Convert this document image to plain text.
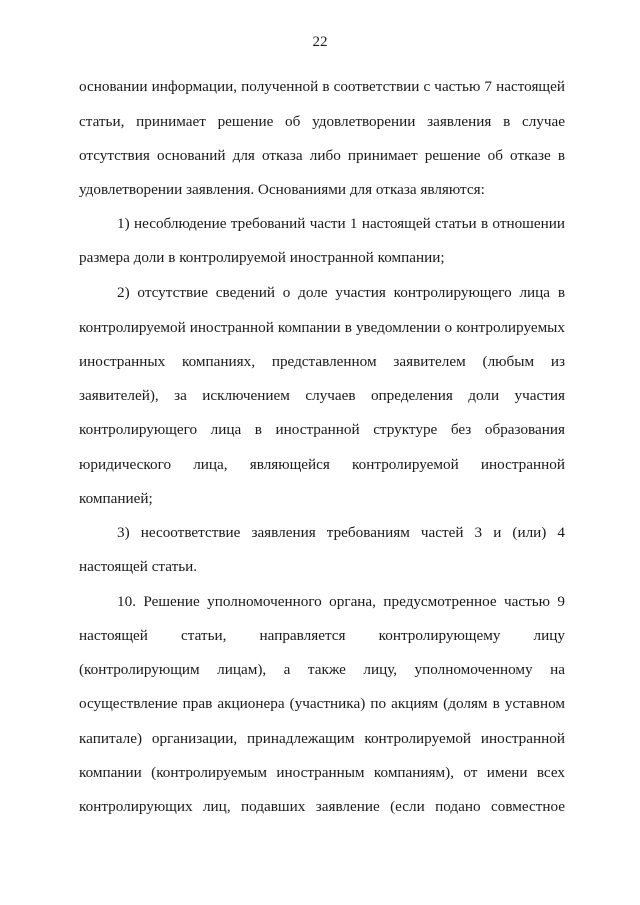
22
основании информации, полученной в соответствии с частью 7 настоящей
статьи, принимает решение об удовлетворении заявления в случае
отсутствия оснований для отказа либо принимает решение об отказе в
удовлетворении заявления. Основаниями для отказа являются:
1) несоблюдение требований части 1 настоящей статьи в отношении
размера доли в контролируемой иностранной компании;
2) отсутствие сведений о доле участия контролирующего лица в
контролируемой иностранной компании в уведомлении о контролируемых
иностранных компаниях, представленном заявителем (любым из
заявителей), за исключением случаев определения доли участия
контролирующего лица в иностранной структуре без образования
юридического лица, являющейся контролируемой иностранной
компанией;
3) несоответствие заявления требованиям частей 3 и (или) 4
настоящей статьи.
10. Решение уполномоченного органа, предусмотренное частью 9
настоящей статьи, направляется контролирующему лицу
(контролирующим лицам), а также лицу, уполномоченному на
осуществление прав акционера (участника) по акциям (долям в уставном
капитале) организации, принадлежащим контролируемой иностранной
компании (контролируемым иностранным компаниям), от имени всех
контролирующих лиц, подавших заявление (если подано совместное
